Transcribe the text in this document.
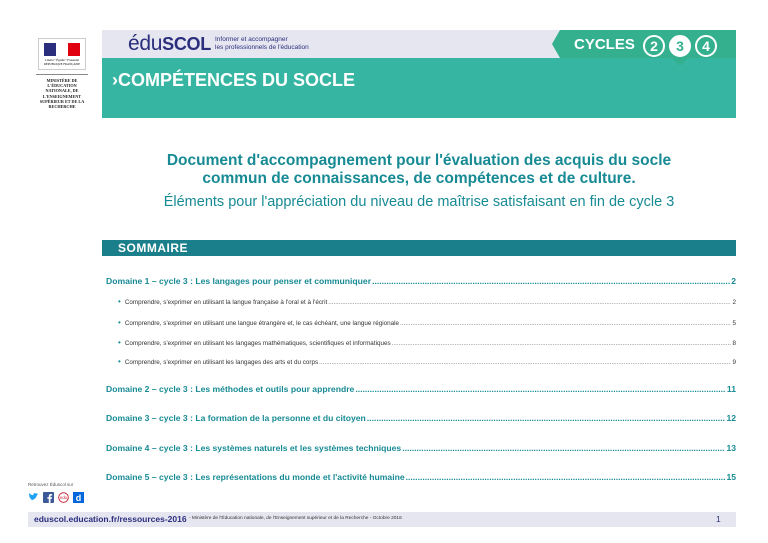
Liberté • Égalité • Fraternité RÉPUBLIQUE FRANÇAISE
MINISTÈRE DE L'ÉDUCATION NATIONALE, DE L'ENSEIGNEMENT SUPÉRIEUR ET DE LA RECHERCHE
éduSCOL Informer et accompagner
les professionnels de l'éducation	CYCLES	2	3	4
›COMPÉTENCES DU SOCLE
Document d'accompagnement pour l'évaluation des acquis du socle
commun de connaissances, de compétences et de culture.
Éléments pour l'appréciation du niveau de maîtrise satisfaisant en fin de cycle 3
SOMMAIRE
Domaine 1 – cycle 3 : Les langages pour penser et communiquer .....	2
• Comprendre, s'exprimer en utilisant la langue française à l'oral et à l'écrit .....	2
• Comprendre, s'exprimer en utilisant une langue étrangère et, le cas échéant, une langue régionale .....	5
• Comprendre, s'exprimer en utilisant les langages mathématiques, scientifiques et informatiques .....	8
• Comprendre, s'exprimer en utilisant les langages des arts et du corps .....	9
Domaine 2 – cycle 3 : Les méthodes et outils pour apprendre .....	11
Domaine 3 – cycle 3 : La formation de la personne et du citoyen .....	12
Domaine 4 – cycle 3 : Les systèmes naturels et les systèmes techniques .....	13
Domaine 5 – cycle 3 : Les représentations du monde et l'activité humaine .....	15
Retrouvez Éduscol sur
edu d
eduscol.education.fr/ressources-2016 - Ministère de l'Éducation nationale, de l'Enseignement supérieur et de la Recherche - Octobre 2016	1
